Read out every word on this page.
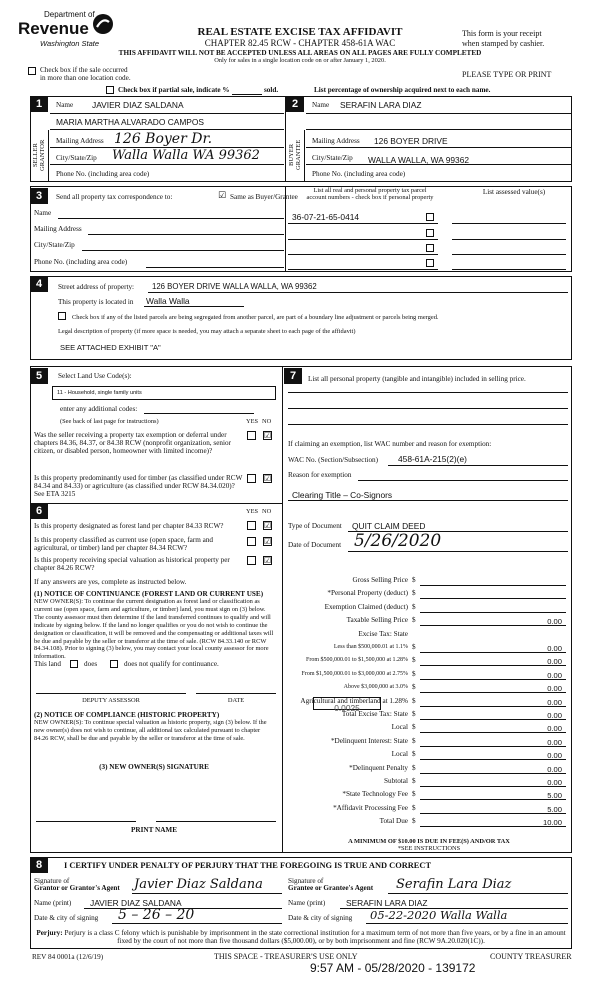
Department of
Revenue
Washington State
REAL ESTATE EXCISE TAX AFFIDAVIT
CHAPTER 82.45 RCW - CHAPTER 458-61A WAC
THIS AFFIDAVIT WILL NOT BE ACCEPTED UNLESS ALL AREAS ON ALL PAGES ARE FULLY COMPLETED
Only for sales in a single location code on or after January 1, 2020.
This form is your receipt
when stamped by cashier.
PLEASE TYPE OR PRINT
Check box if the sale occurred
in more than one location code.
Check box if partial sale, indicate %	sold.	List percentage of ownership acquired next to each name.
1	Name JAVIER DIAZ SALDANA
MARIA MARTHA ALVARADO CAMPOS
SELLER GRANTOR Mailing Address 126 Boyer Dr.
City/State/Zip Walla Walla WA 99362
Phone No. (including area code)
2	Name SERAFIN LARA DIAZ
BUYER GRANTEE Mailing Address 126 BOYER DRIVE
City/State/Zip WALLA WALLA, WA 99362
Phone No. (including area code)
3	Send all property tax correspondence to:	☑ Same as Buyer/Grantee
Name
Mailing Address
City/State/Zip
Phone No. (including area code)
List all real and personal property tax parcel
account numbers - check box if personal property
List assessed value(s)
36-07-21-65-0414
4	Street address of property: 126 BOYER DRIVE WALLA WALLA, WA 99362
This property is located in Walla Walla
Check box if any of the listed parcels are being segregated from another parcel, are part of a boundary line adjustment or parcels being merged.
Legal description of property (if more space is needed, you may attach a separate sheet to each page of the affidavit)
SEE ATTACHED EXHIBIT "A"
5	Select Land Use Code(s):
11 - Household, single family units
enter any additional codes:
(See back of last page for instructions)	YES NO
Was the seller receiving a property tax exemption or deferral under chapters 84.36, 84.37, or 84.38 RCW (nonprofit organization, senior citizen, or disabled person, homeowner with limited income)?
☑
Is this property predominantly used for timber (as classified under RCW 84.34 and 84.33) or agriculture (as classified under RCW 84.34.020)? See ETA 3215
☑
6	YES NO
Is this property designated as forest land per chapter 84.33 RCW?	☑
Is this property classified as current use (open space, farm and agricultural, or timber) land per chapter 84.34 RCW?
☑
Is this property receiving special valuation as historical property per chapter 84.26 RCW?
☑
If any answers are yes, complete as instructed below.
(1) NOTICE OF CONTINUANCE (FOREST LAND OR CURRENT USE)
NEW OWNER(S): To continue the current designation as forest land or classification as current use (open space, farm and agriculture, or timber) land, you must sign on (3) below. The county assessor must then determine if the land transferred continues to qualify and will indicate by signing below. If the land no longer qualifies or you do not wish to continue the designation or classification, it will be removed and the compensating or additional taxes will be due and payable by the seller or transferor at the time of sale. (RCW 84.33.140 or RCW 84.34.108). Prior to signing (3) below, you may contact your local county assessor for more information.
This land	does	does not qualify for continuance.
DEPUTY ASSESSOR	DATE
(2) NOTICE OF COMPLIANCE (HISTORIC PROPERTY)
NEW OWNER(S): To continue special valuation as historic property, sign (3) below. If the new owner(s) does not wish to continue, all additional tax calculated pursuant to chapter 84.26 RCW, shall be due and payable by the seller or transferor at the time of sale.
(3) NEW OWNER(S) SIGNATURE
PRINT NAME
7	List all personal property (tangible and intangible) included in selling price.
If claiming an exemption, list WAC number and reason for exemption:
WAC No. (Section/Subsection) 458-61A-215(2)(e)
Reason for exemption
Clearing Title – Co-Signors
Type of Document QUIT CLAIM DEED
Date of Document 5/26/2020
Gross Selling Price $
*Personal Property (deduct) $
Exemption Claimed (deduct) $
Taxable Selling Price $	0.00
Excise Tax: State
Less than $500,000.01 at 1.1% $	0.00
From $500,000.01 to $1,500,000 at 1.28% $	0.00
From $1,500,000.01 to $3,000,000 at 2.75% $	0.00
Above $3,000,000 at 3.0% $	0.00
Agricultural and timberland at 1.28% $	0.00
Total Excise Tax: State $	0.00
Local $	0.00
*Delinquent Interest: State $	0.00
Local $	0.00
*Delinquent Penalty $	0.00
Subtotal $	0.00
*State Technology Fee $	5.00
*Affidavit Processing Fee $	5.00
Total Due $	10.00
0.0025
A MINIMUM OF $10.00 IS DUE IN FEE(S) AND/OR TAX
*SEE INSTRUCTIONS
8	I CERTIFY UNDER PENALTY OF PERJURY THAT THE FOREGOING IS TRUE AND CORRECT
Signature of
Grantor or Grantor's Agent Javier Diaz Saldana	Signature of
Grantee or Grantee's Agent Serafin Lara Diaz
Name (print) JAVIER DIAZ SALDANA	Name (print) SERAFIN LARA DIAZ
Date & city of signing 5 – 26 – 20	Date & city of signing 05-22-2020 Walla Walla
Perjury: Perjury is a class C felony which is punishable by imprisonment in the state correctional institution for a maximum term of not more than five years, or by a fine in an amount fixed by the court of not more than five thousand dollars ($5,000.00), or by both imprisonment and fine (RCW 9A.20.020(1C)).
REV 84 0001a (12/6/19)	THIS SPACE - TREASURER'S USE ONLY	COUNTY TREASURER
9:57 AM - 05/28/2020 - 139172
